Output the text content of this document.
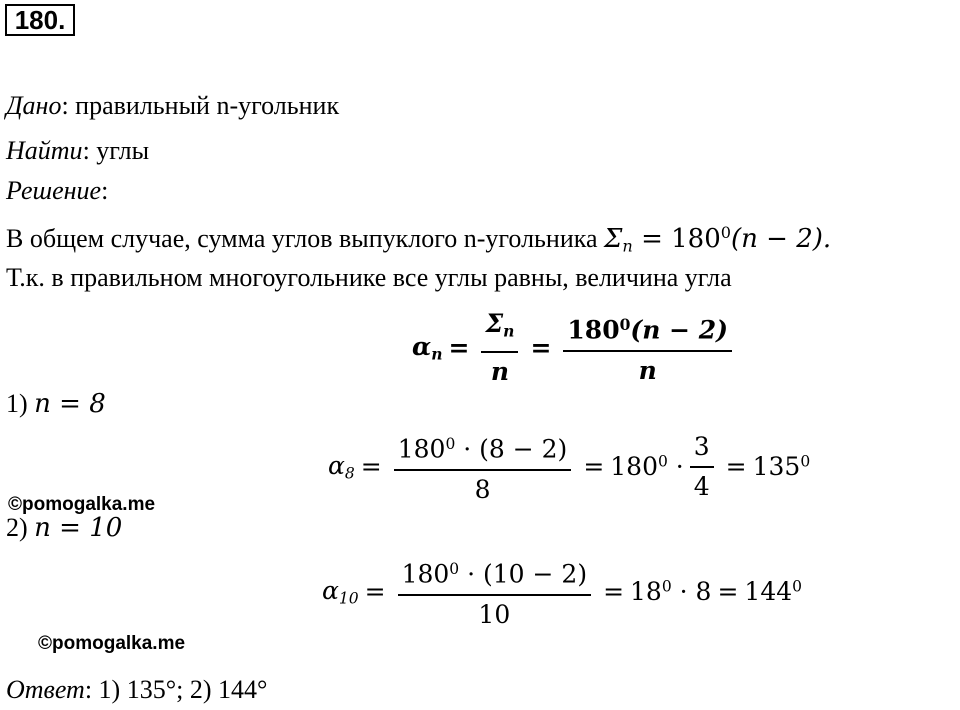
180.
Дано: правильный n-угольник
Найти: углы
Решение:
В общем случае, сумма углов выпуклого n-угольника $\Sigma_n = 180^0(n - 2)$.
Т.к. в правильном многоугольнике все углы равны, величина угла
$\alpha_n = \frac{\Sigma_n}{n} = \frac{180^0(n - 2)}{n}$
1) n = 8
$\alpha_8 = \frac{180^0 \cdot (8 - 2)}{8} = 180^0 \cdot \frac{3}{4} = 135^0$
©pomogalka.me
2) n = 10
$\alpha_{10} = \frac{180^0 \cdot (10 - 2)}{10} = 18^0 \cdot 8 = 144^0$
©pomogalka.me
Ответ: 1) 135°; 2) 144°
